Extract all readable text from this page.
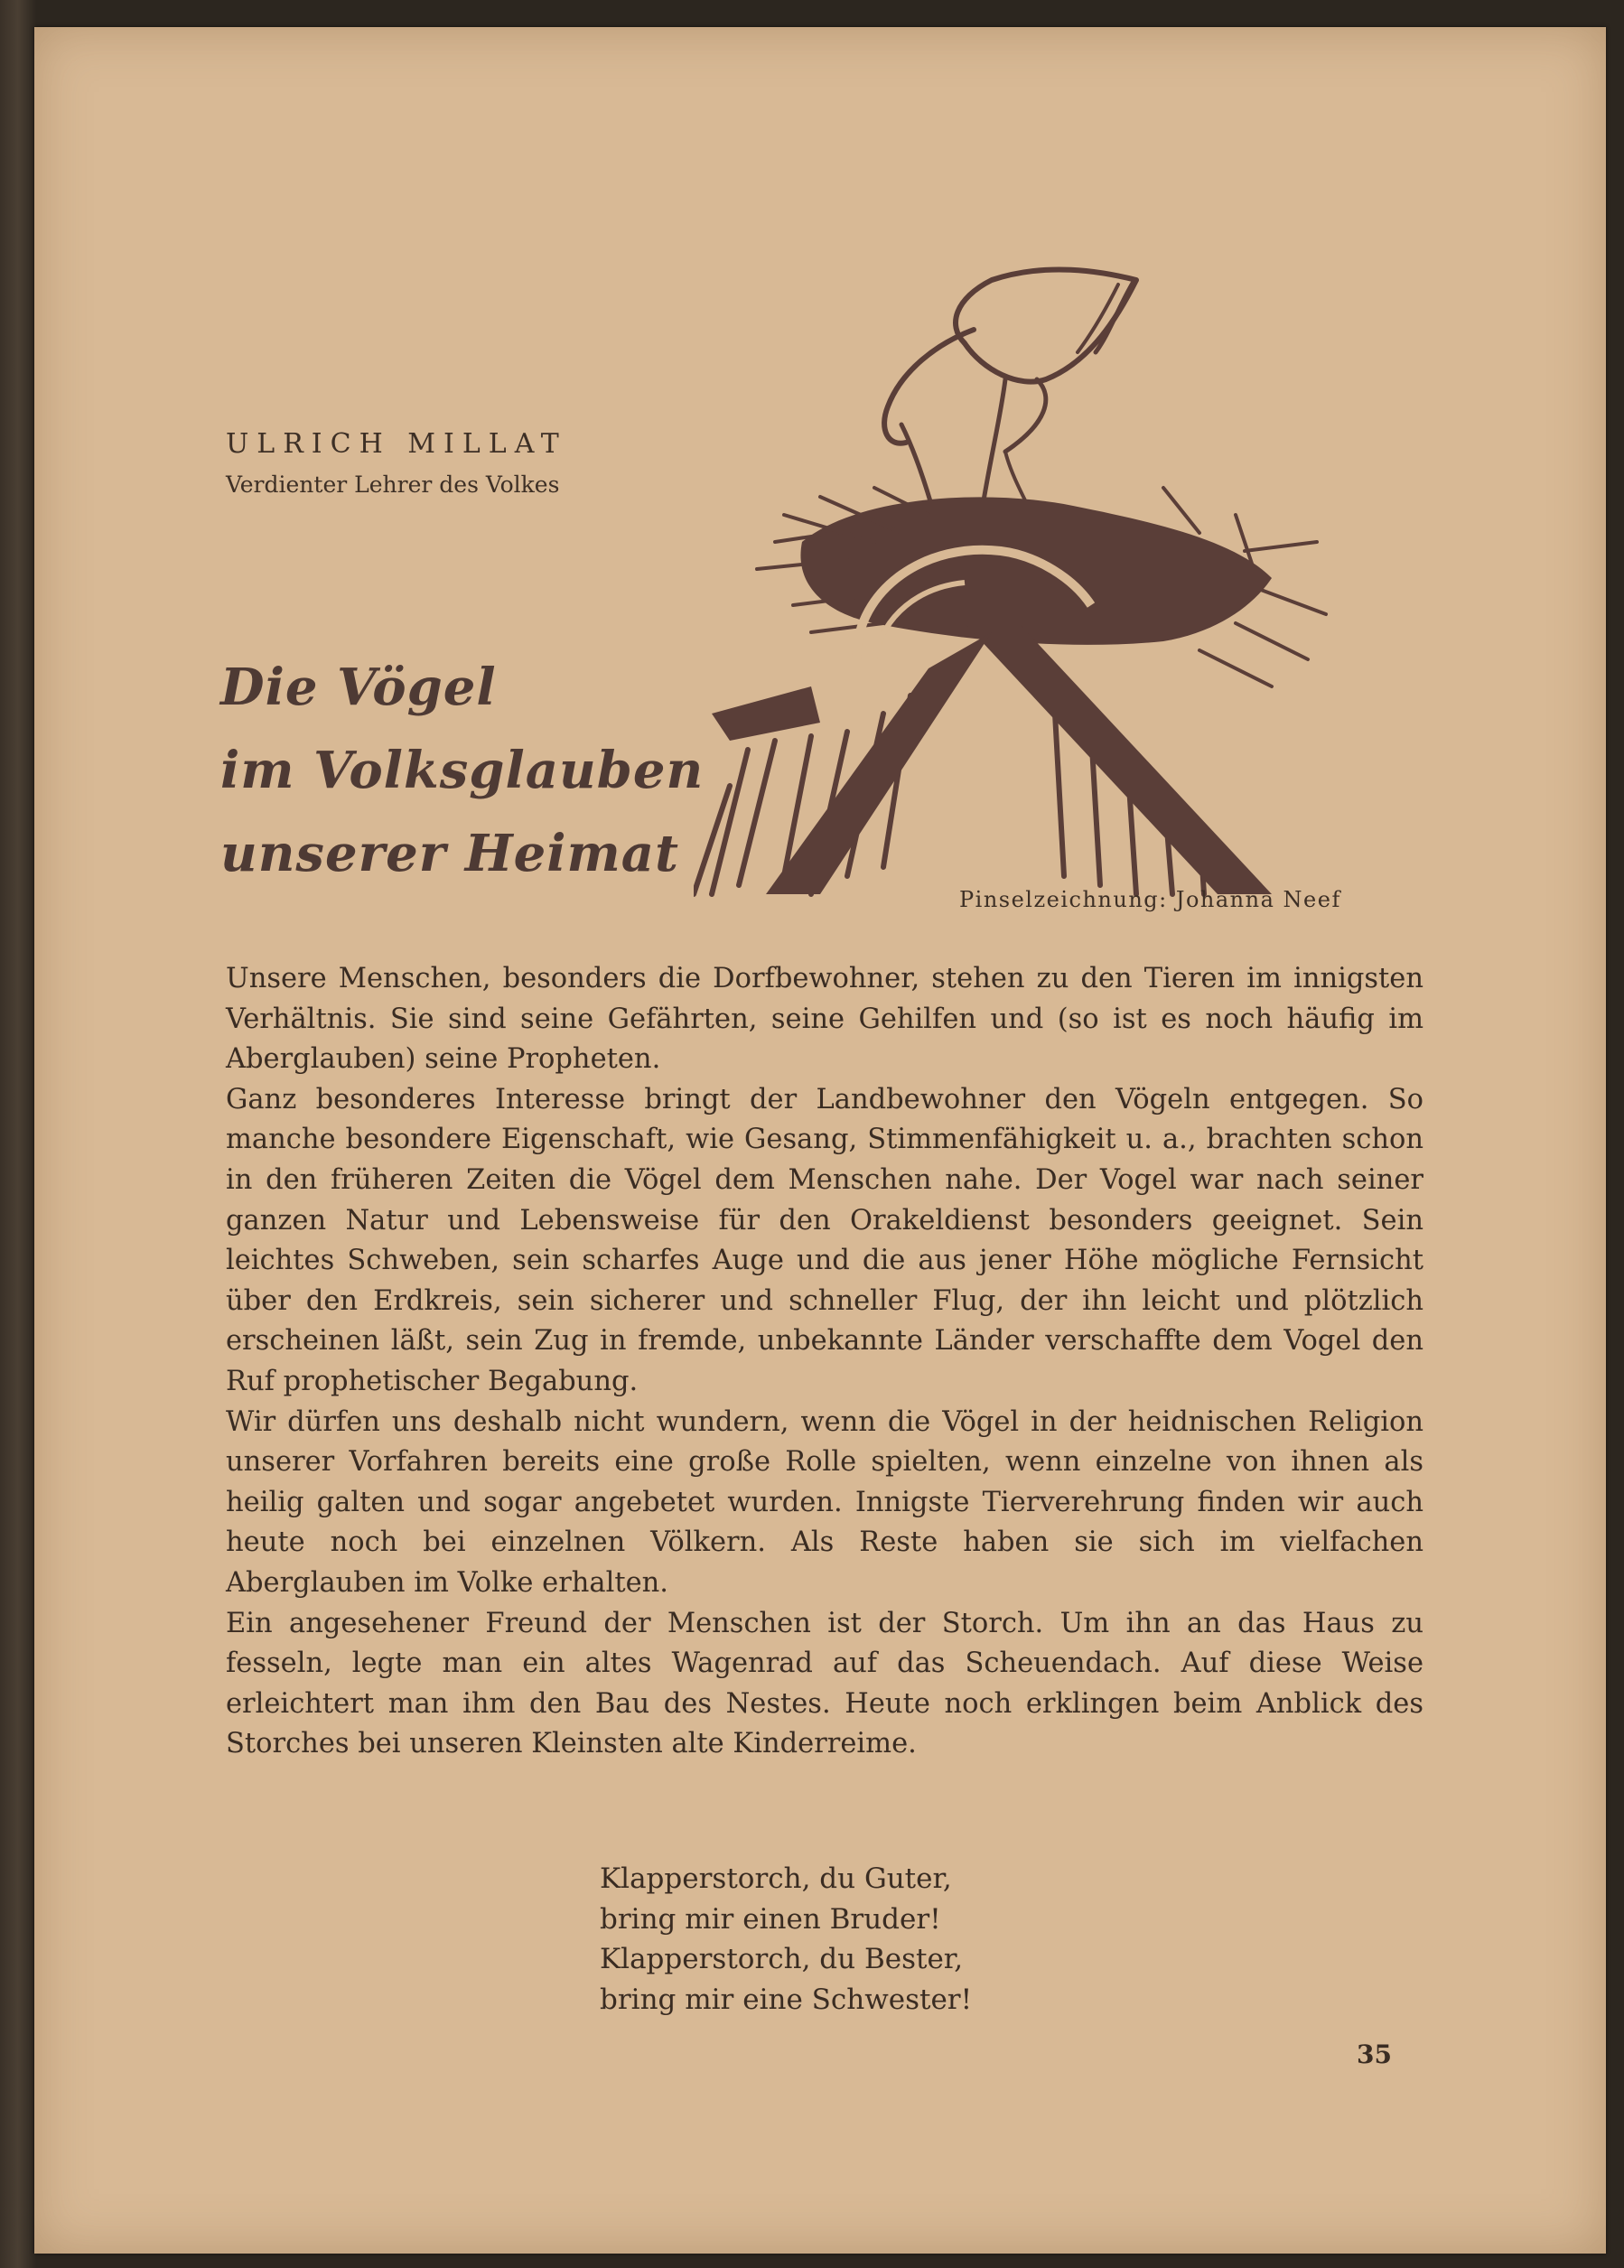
ULRICH MILLAT
Verdienter Lehrer des Volkes
Die Vögel
im Volksglauben
unserer Heimat
Pinselzeichnung: Johanna Neef

Unsere Menschen, besonders die Dorfbewohner, stehen zu den Tieren im innigsten Verhältnis. Sie sind seine Gefährten, seine Gehilfen und (so ist es noch häufig im Aberglauben) seine Propheten.

Ganz besonderes Interesse bringt der Landbewohner den Vögeln entgegen. So manche besondere Eigenschaft, wie Gesang, Stimmenfähigkeit u. a., brachten schon in den früheren Zeiten die Vögel dem Menschen nahe. Der Vogel war nach seiner ganzen Natur und Lebensweise für den Orakeldienst besonders geeignet. Sein leichtes Schweben, sein scharfes Auge und die aus jener Höhe mögliche Fernsicht über den Erdkreis, sein sicherer und schneller Flug, der ihn leicht und plötzlich erscheinen läßt, sein Zug in fremde, unbekannte Länder verschaffte dem Vogel den Ruf prophetischer Begabung.

Wir dürfen uns deshalb nicht wundern, wenn die Vögel in der heidnischen Religion unserer Vorfahren bereits eine große Rolle spielten, wenn einzelne von ihnen als heilig galten und sogar angebetet wurden. Innigste Tierverehrung finden wir auch heute noch bei einzelnen Völkern. Als Reste haben sie sich im vielfachen Aberglauben im Volke erhalten.

Ein angesehener Freund der Menschen ist der Storch. Um ihn an das Haus zu fesseln, legte man ein altes Wagenrad auf das Scheuendach. Auf diese Weise erleichtert man ihm den Bau des Nestes. Heute noch erklingen beim Anblick des Storches bei unseren Kleinsten alte Kinderreime.

Klapperstorch, du Guter,
bring mir einen Bruder!
Klapperstorch, du Bester,
bring mir eine Schwester!
35
